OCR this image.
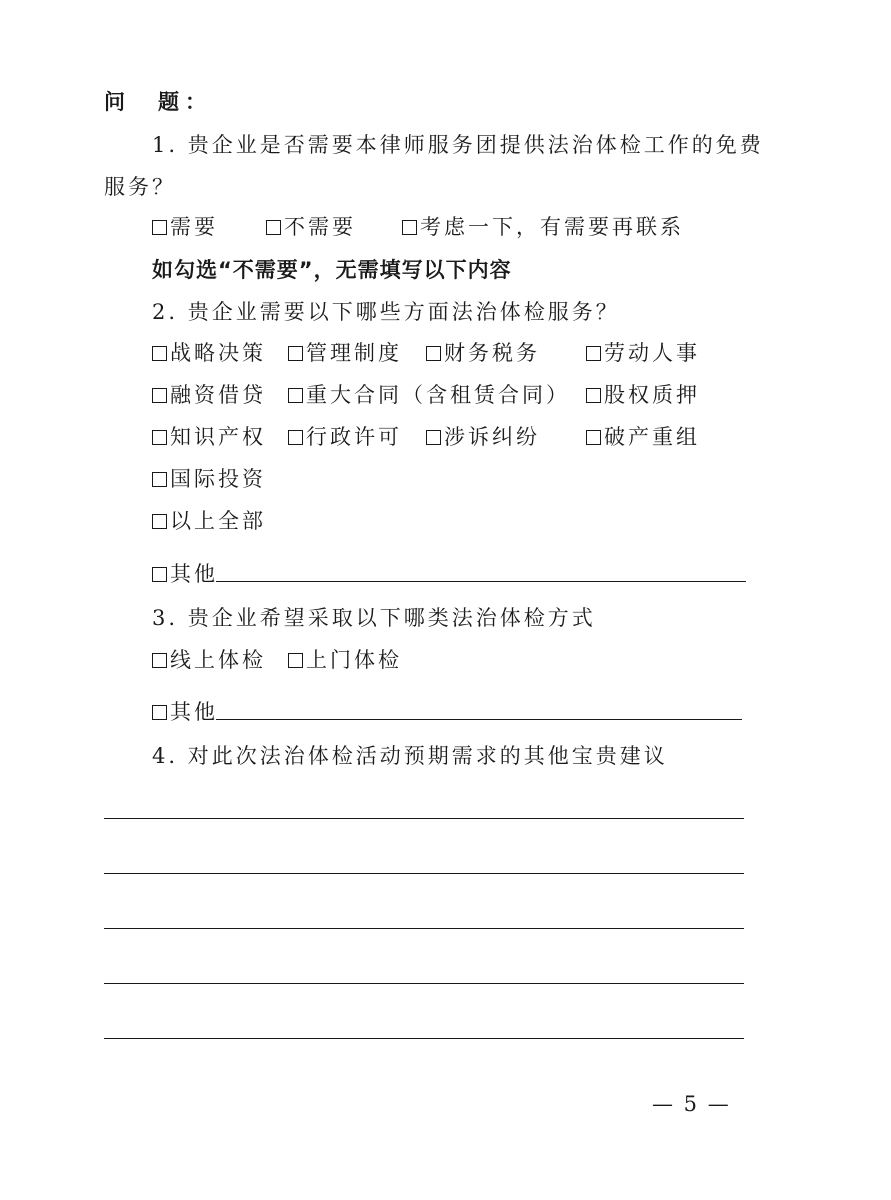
问　题：
1. 贵企业是否需要本律师服务团提供法治体检工作的免费
服务？
需要	不需要	考虑一下，有需要再联系
如勾选“不需要”，无需填写以下内容
2. 贵企业需要以下哪些方面法治体检服务？
战略决策 管理制度 财务税务	劳动人事
融资借贷 重大合同（含租赁合同） 股权质押
知识产权 行政许可 涉诉纠纷	破产重组
国际投资
以上全部
其他
3. 贵企业希望采取以下哪类法治体检方式
线上体检 上门体检
其他
4. 对此次法治体检活动预期需求的其他宝贵建议
— 5 —
